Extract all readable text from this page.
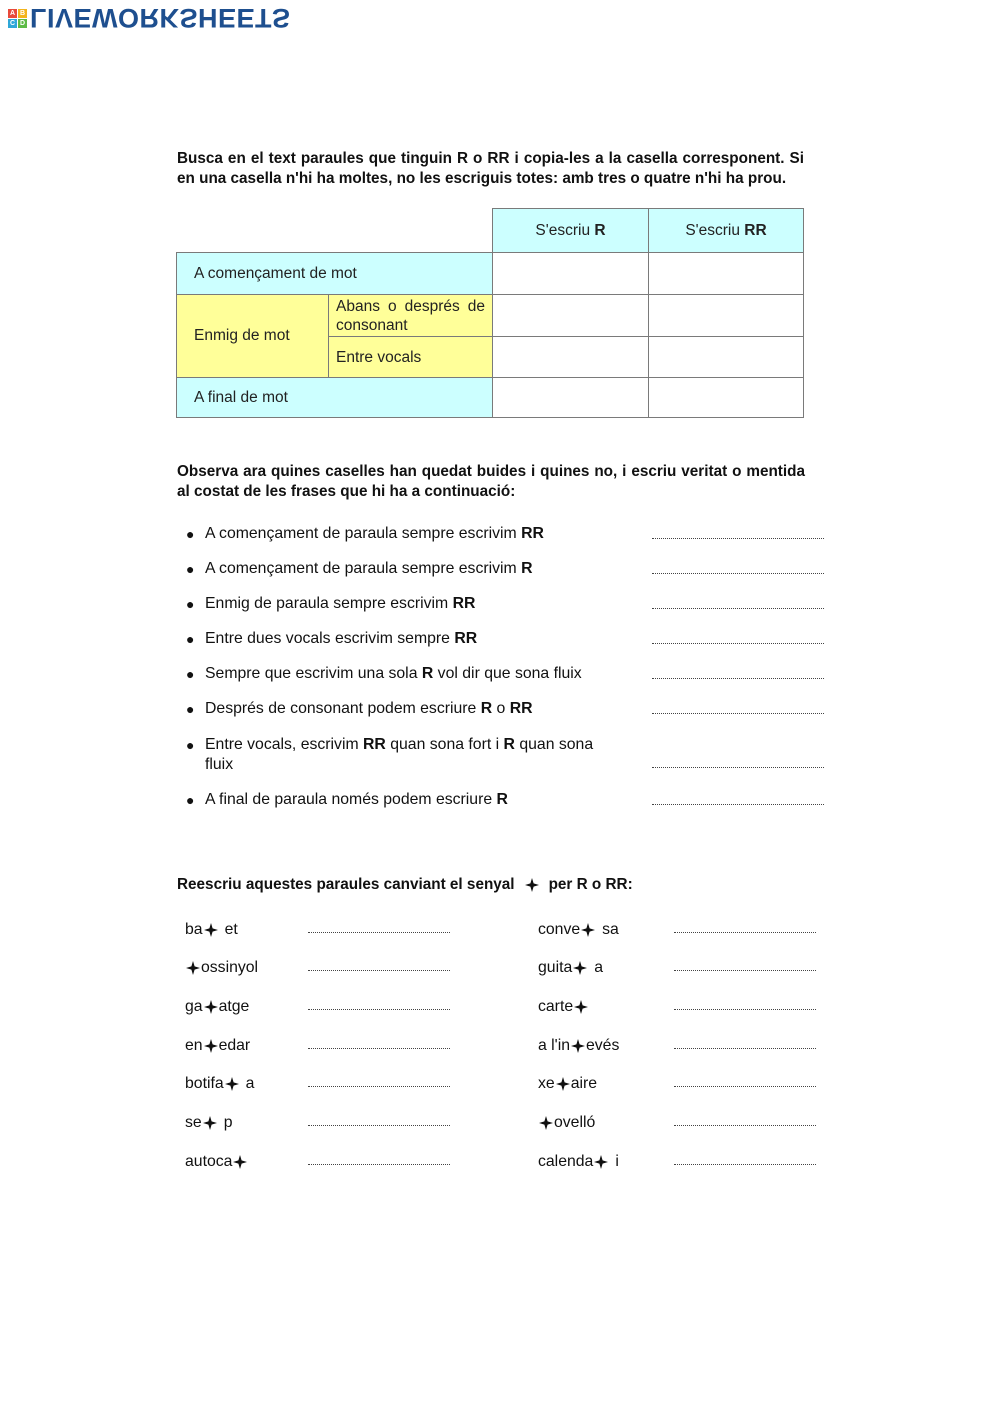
A B
C D LIVEWORKSHEETS
Busca en el text paraules que tinguin R o RR i copia-les a la casella corresponent. Si en una casella n'hi ha moltes, no les escriguis totes: amb tres o quatre n'hi ha prou.
S'escriu R	S'escriu RR
A començament de mot
Enmig de mot
Abans o després de consonant
Entre vocals
A final de mot
Observa ara quines caselles han quedat buides i quines no, i escriu veritat o mentida al costat de les frases que hi ha a continuació:
● A començament de paraula sempre escrivim RR
● A començament de paraula sempre escrivim R
● Enmig de paraula sempre escrivim RR
● Entre dues vocals escrivim sempre RR
● Sempre que escrivim una sola R vol dir que sona fluix
● Després de consonant podem escriure R o RR
● Entre vocals, escrivim RR quan sona fort i R quan sona fluix
● A final de paraula només podem escriure R
Reescriu aquestes paraules canviant el senyal per R o RR:
ba et
ossinyol
ga atge
en edar
botifa a
se p
autoca
conve sa
guita a
carte
a l'in evés
xe aire
ovelló
calenda i
